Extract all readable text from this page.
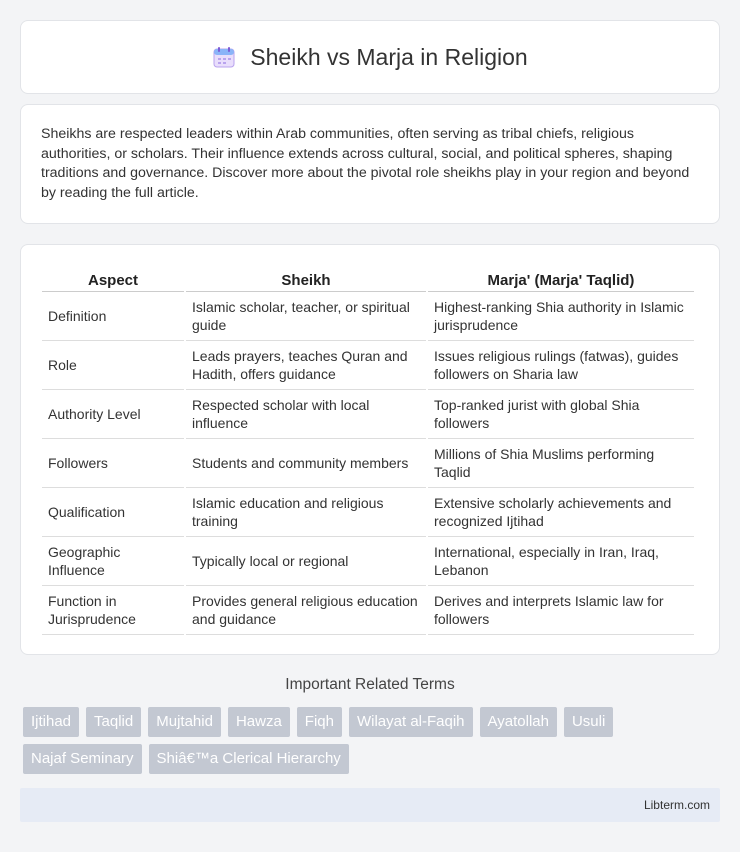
Sheikh vs Marja in Religion

Sheikhs are respected leaders within Arab communities, often serving as tribal chiefs, religious authorities, or scholars. Their influence extends across cultural, social, and political spheres, shaping traditions and governance. Discover more about the pivotal role sheikhs play in your region and beyond by reading the full article.

Aspect	Sheikh	Marja' (Marja' Taqlid)
Definition	Islamic scholar, teacher, or spiritual guide	Highest-ranking Shia authority in Islamic jurisprudence
Role	Leads prayers, teaches Quran and Hadith, offers guidance	Issues religious rulings (fatwas), guides followers on Sharia law
Authority Level	Respected scholar with local influence	Top-ranked jurist with global Shia followers
Followers	Students and community members	Millions of Shia Muslims performing Taqlid
Qualification	Islamic education and religious training	Extensive scholarly achievements and recognized Ijtihad
Geographic Influence	Typically local or regional	International, especially in Iran, Iraq, Lebanon
Function in Jurisprudence	Provides general religious education and guidance	Derives and interprets Islamic law for followers
Important Related Terms
Ijtihad	Taqlid	Mujtahid	Hawza	Fiqh	Wilayat al-Faqih	Ayatollah	Usuli
Najaf Seminary	Shiâ€™a Clerical Hierarchy
Libterm.com
